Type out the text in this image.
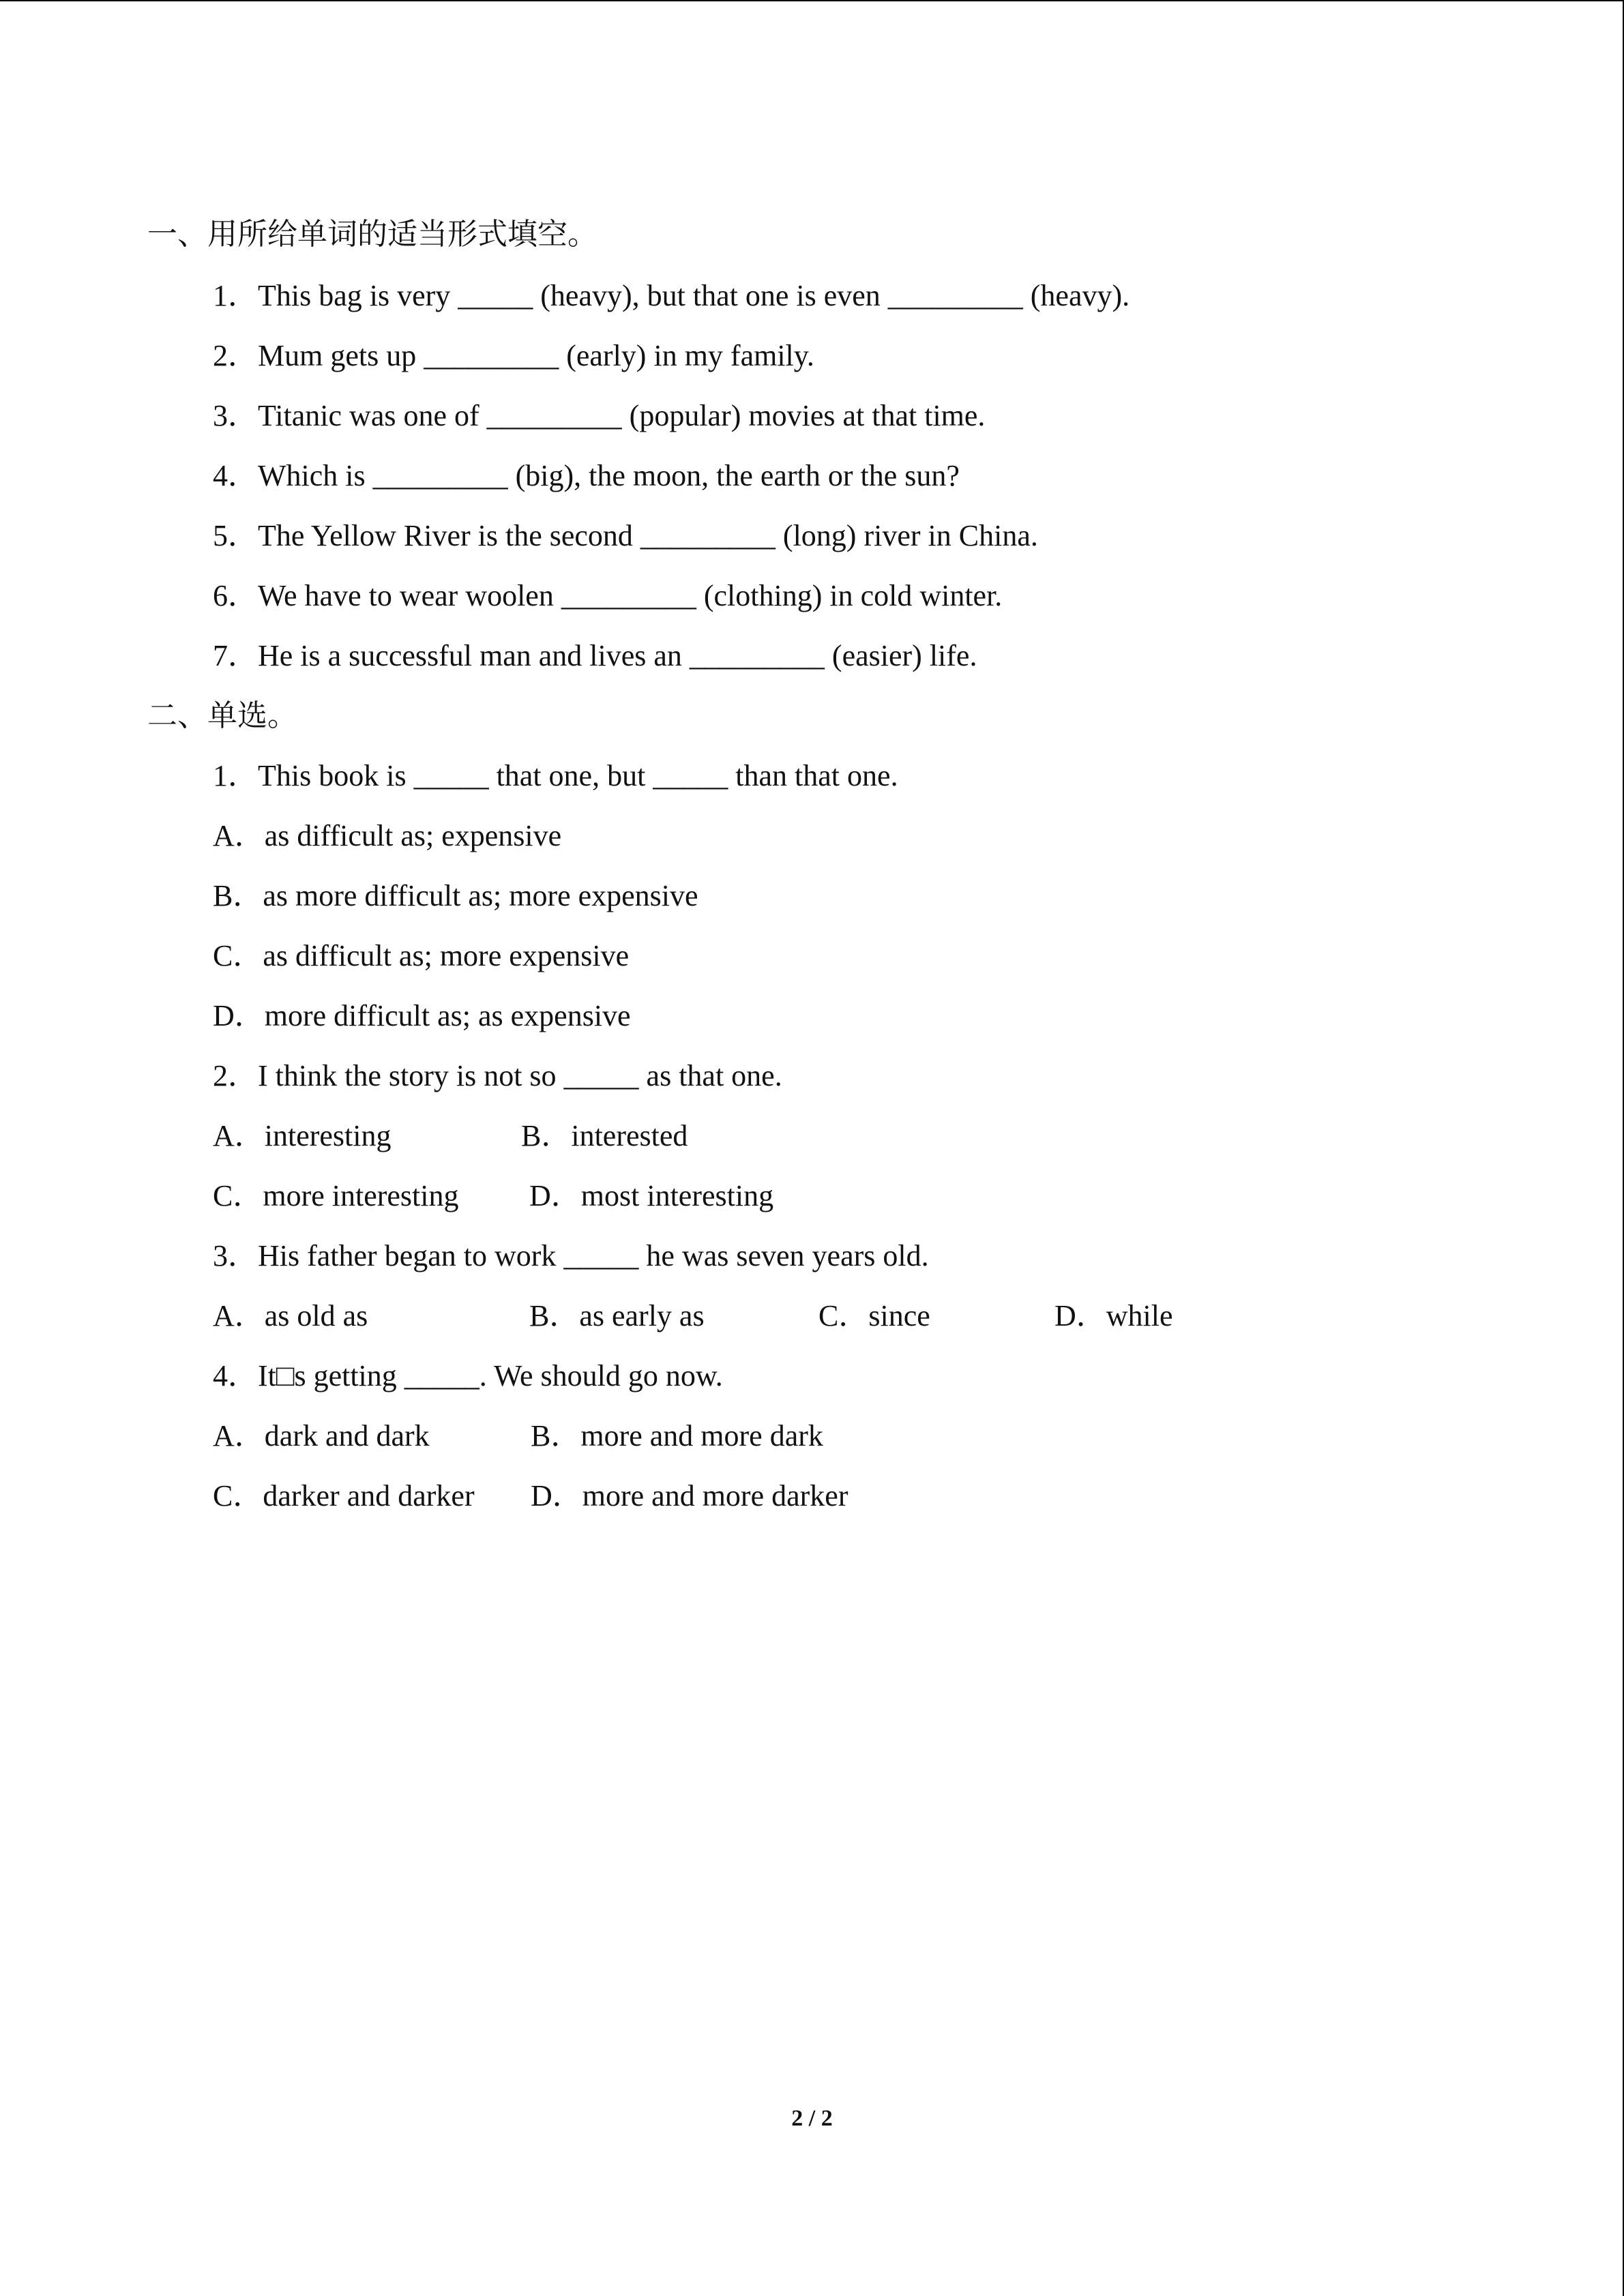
一、用所给单词的适当形式填空。
1．This bag is very _____ (heavy), but that one is even _________ (heavy).
2．Mum gets up _________ (early) in my family.
3．Titanic was one of _________ (popular) movies at that time.
4．Which is _________ (big), the moon, the earth or the sun?
5．The Yellow River is the second _________ (long) river in China.
6．We have to wear woolen _________ (clothing) in cold winter.
7．He is a successful man and lives an _________ (easier) life.
二、单选。
1．This book is _____ that one, but _____ than that one.
A．as difficult as; expensive
B．as more difficult as; more expensive
C．as difficult as; more expensive
D．more difficult as; as expensive
2．I think the story is not so _____ as that one.
A．interesting	B．interested
C．more interesting D．most interesting
3．His father began to work _____ he was seven years old.
A．as old as	B．as early as	C．since	D．while
4．It□s getting _____. We should go now.
A．dark and dark	B．more and more dark
C．darker and darker D．more and more darker
2 / 2
